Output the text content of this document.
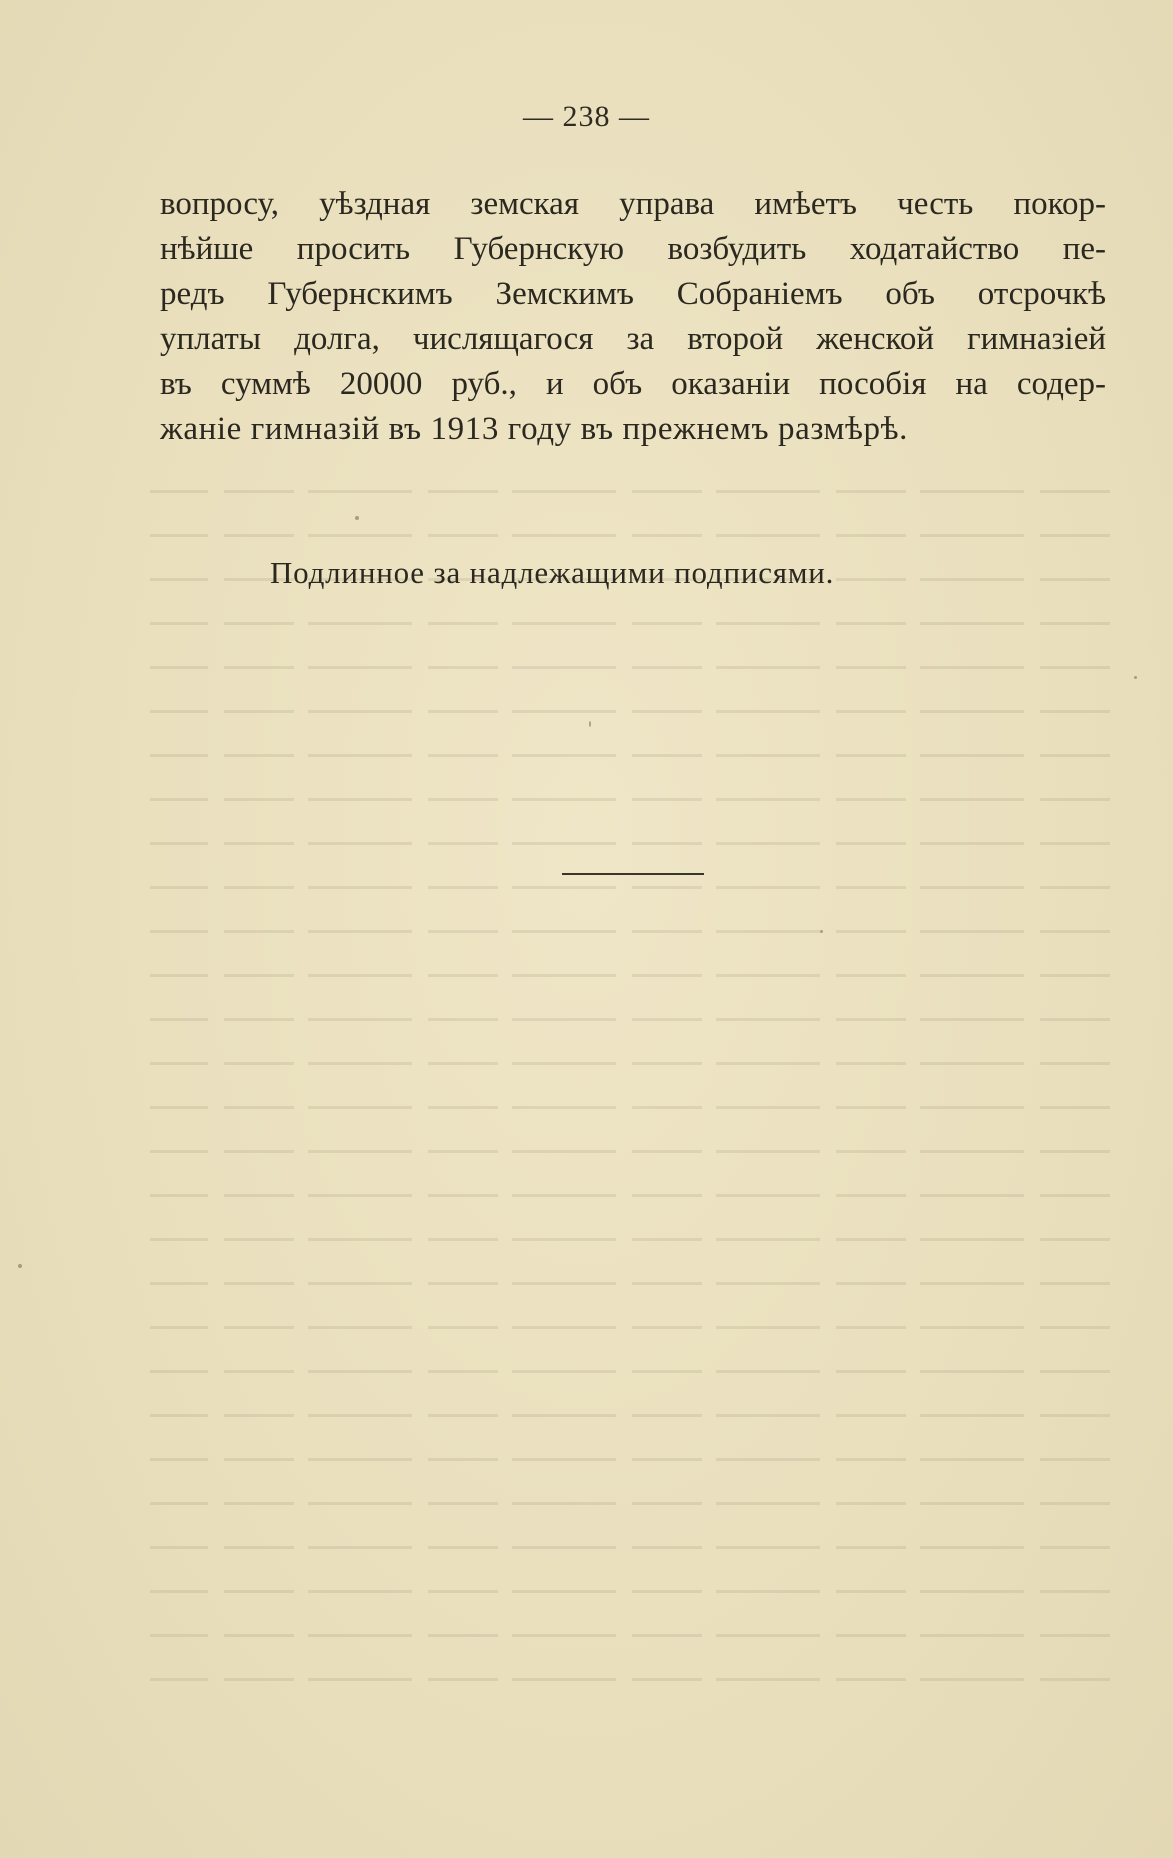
— 238 —
вопросу, уѣздная земская управа имѣетъ честь покор-
нѣйше просить Губернскую возбудить ходатайство пе-
редъ Губернскимъ Земскимъ Собраніемъ объ отсрочкѣ
уплаты долга, числящагося за второй женской гимназіей
въ суммѣ 20000 руб., и объ оказаніи пособія на содер-
жаніе гимназій въ 1913 году въ прежнемъ размѣрѣ.
Подлинное за надлежащими подписями.
